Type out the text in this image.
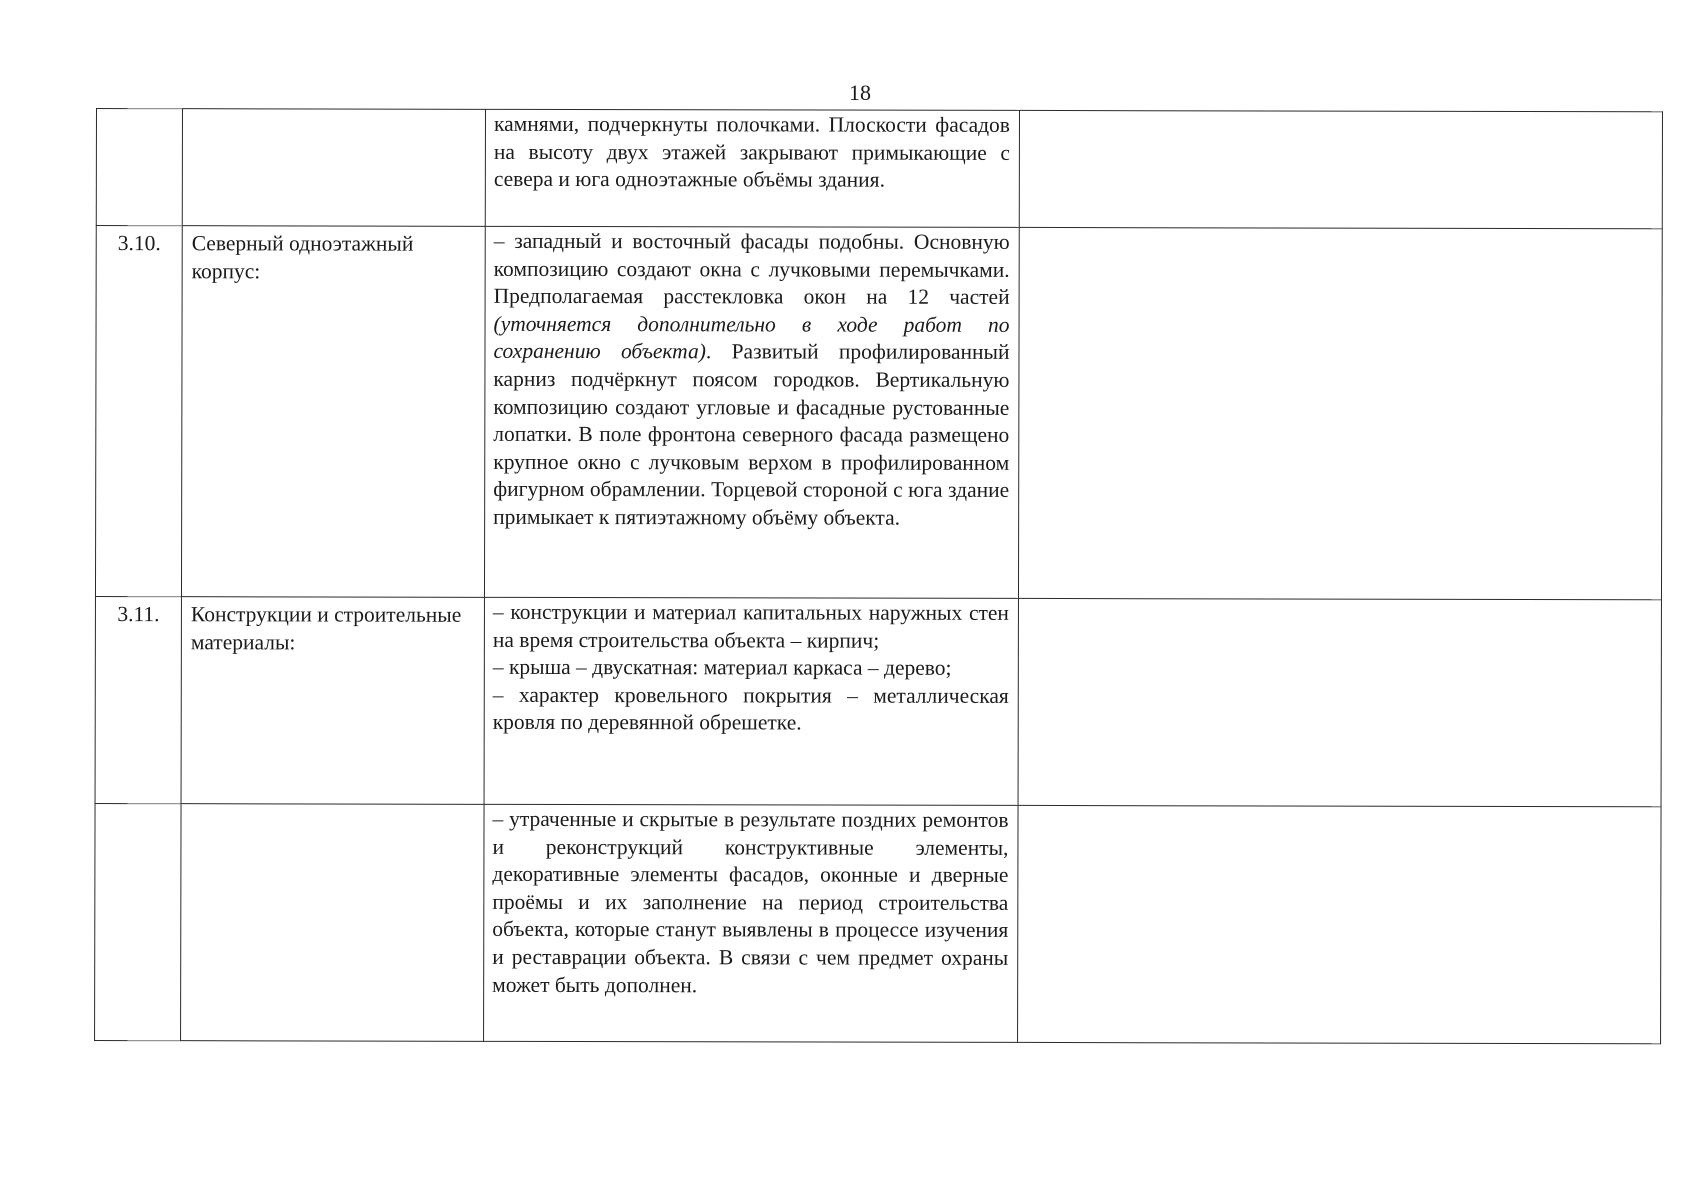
18

		камнями, подчеркнуты полочками. Плоскости фасадов на высоту двух этажей закрывают примыкающие с севера и юга одноэтажные объёмы здания.	

3.10.	Северный одноэтажный корпус:	– западный и восточный фасады подобны. Основную композицию создают окна с лучковыми перемычками. Предполагаемая расстекловка окон на 12 частей (уточняется дополнительно в ходе работ по сохранению объекта). Развитый профилированный карниз подчёркнут поясом городков. Вертикальную композицию создают угловые и фасадные рустованные лопатки. В поле фронтона северного фасада размещено крупное окно с лучковым верхом в профилированном фигурном обрамлении. Торцевой стороной с юга здание примыкает к пятиэтажному объёму объекта.	

3.11.	Конструкции и строительные материалы:	– конструкции и материал капитальных наружных стен на время строительства объекта – кирпич;
– крыша – двускатная: материал каркаса – дерево;
– характер кровельного покрытия – металлическая кровля по деревянной обрешетке.	

		– утраченные и скрытые в результате поздних ремонтов и реконструкций конструктивные элементы, декоративные элементы фасадов, оконные и дверные проёмы и их заполнение на период строительства объекта, которые станут выявлены в процессе изучения и реставрации объекта. В связи с чем предмет охраны может быть дополнен.	
